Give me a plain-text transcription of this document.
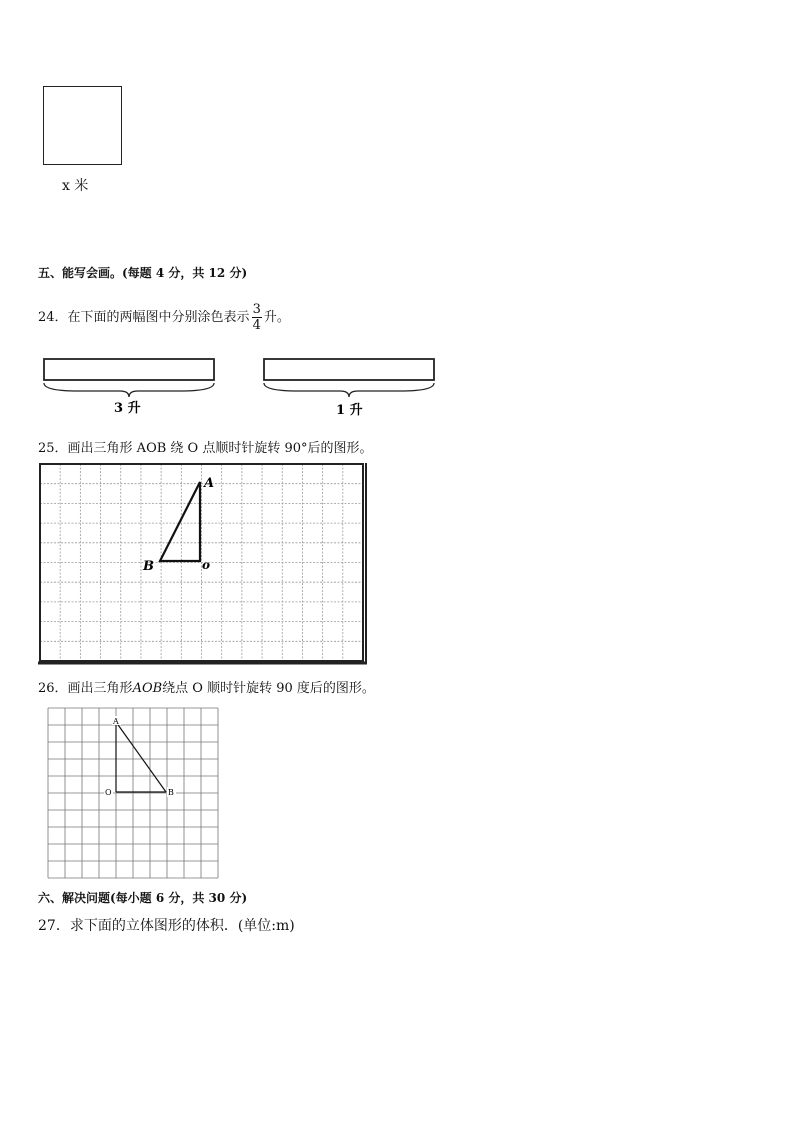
x 米
五、能写会画。(每题 4 分，共 12 分)
24．在下面的两幅图中分别涂色表示 $\frac{3}{4}$ 升。
3 升	1 升
25．画出三角形 AOB 绕 O 点顺时针旋转 90°后的图形。
A
B	o
26．画出三角形AOB绕点 O 顺时针旋转 90 度后的图形。
A
O	B
六、解决问题(每小题 6 分，共 30 分)
27．求下面的立体图形的体积．(单位:m)
